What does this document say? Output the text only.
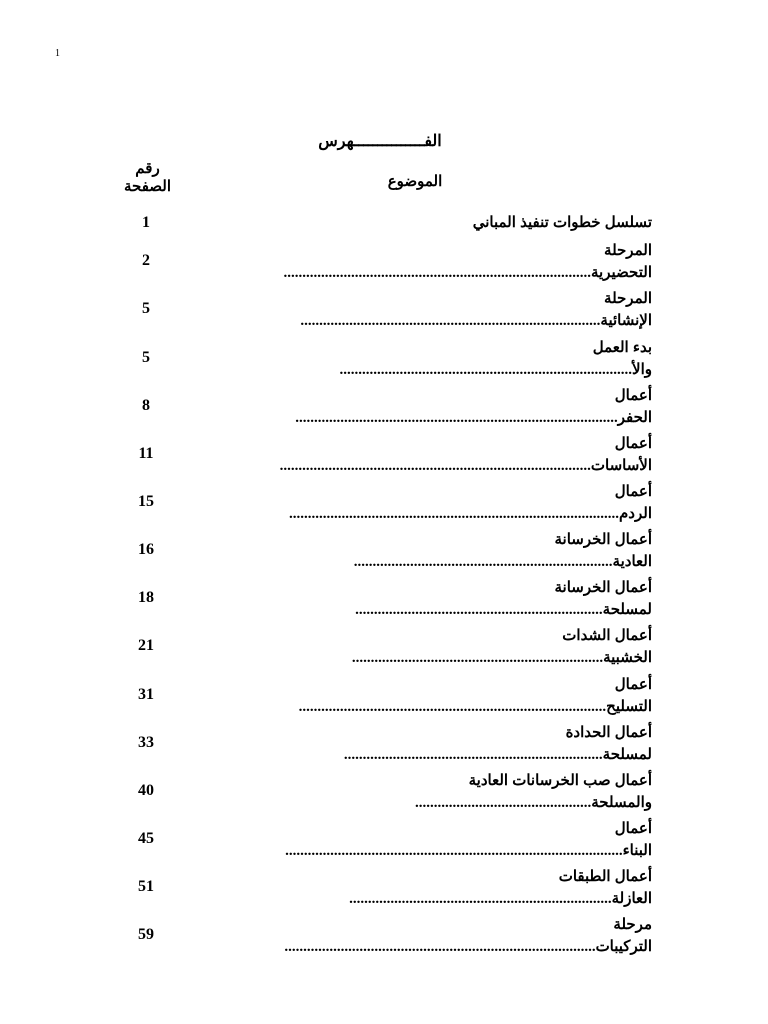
1
الفـــــــــــــــهرس
الموضوع
رقم
الصفحة
تسلسل خطوات تنفيذ المباني
1
المرحلة
التحضيرية..................................................................................
2
المرحلة
الإنشائية................................................................................
5
بدء العمل
والأ..............................................................................
5
أعمال
الحفر......................................................................................
8
أعمال
الأساسات...................................................................................
11
أعمال
الردم........................................................................................
15
أعمال الخرسانة
العادية.....................................................................
16
أعمال الخرسانة
لمسلحة..................................................................
18
أعمال الشدات
الخشبية...................................................................
21
أعمال
التسليح..................................................................................
31
أعمال الحدادة
لمسلحة.....................................................................
33
أعمال صب الخرسانات العادية
والمسلحة...............................................
40
أعمال
البناء..........................................................................................
45
أعمال الطبقات
العازلة......................................................................
51
مرحلة
التركيبات...................................................................................
59
